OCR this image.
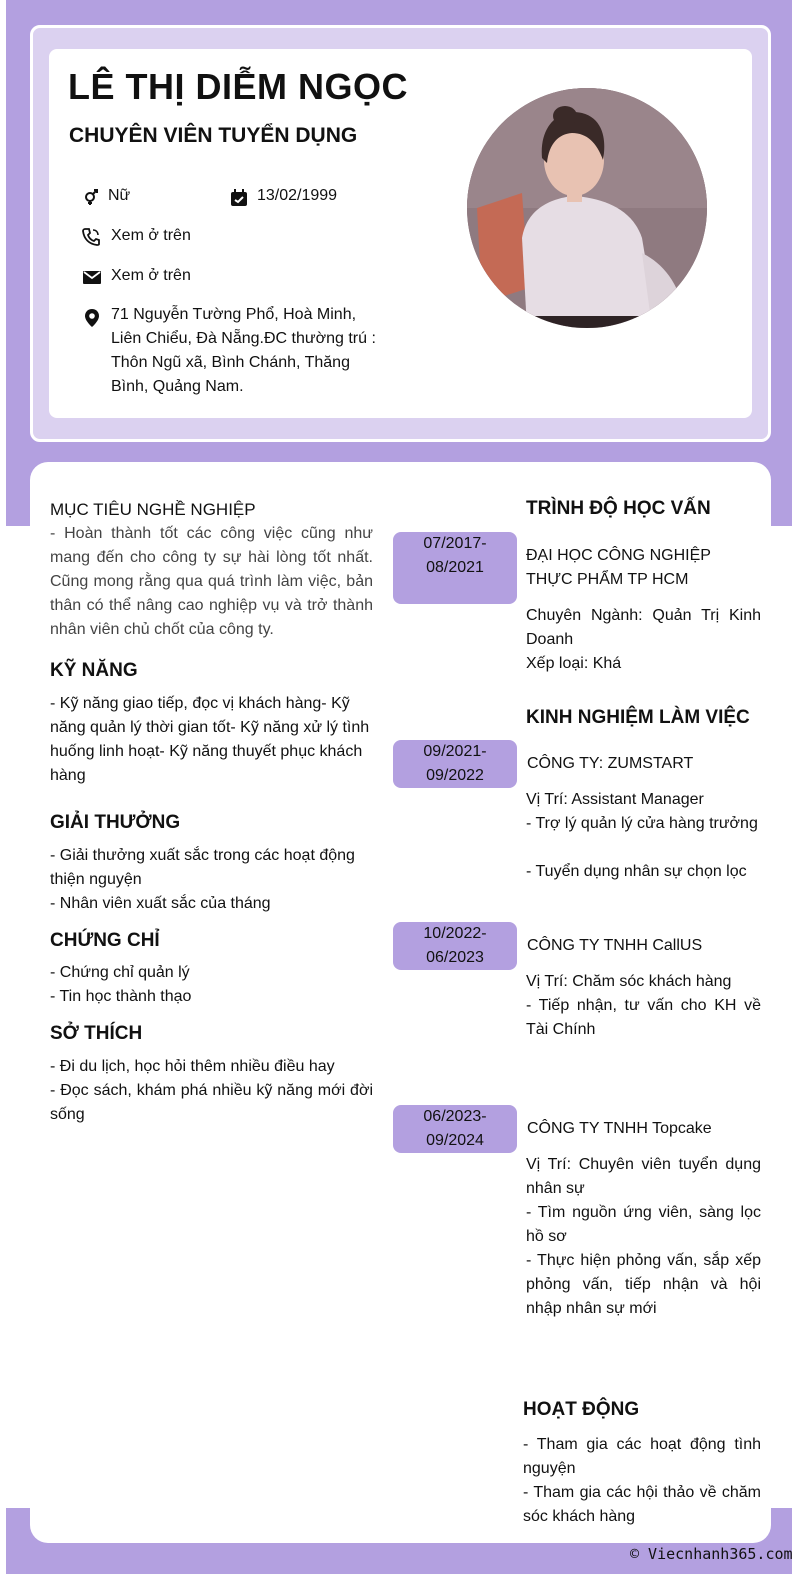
LÊ THỊ DIỄM NGỌC
CHUYÊN VIÊN TUYỂN DỤNG
Nữ	13/02/1999
Xem ở trên
Xem ở trên
71 Nguyễn Tường Phổ, Hoà Minh, Liên Chiểu, Đà Nẵng.ĐC thường trú : Thôn Ngũ xã, Bình Chánh, Thăng Bình, Quảng Nam.
MỤC TIÊU NGHỀ NGHIỆP
- Hoàn thành tốt các công việc cũng như mang đến cho công ty sự hài lòng tốt nhất. Cũng mong rằng qua quá trình làm việc, bản thân có thể nâng cao nghiệp vụ và trở thành nhân viên chủ chốt của công ty.
KỸ NĂNG
- Kỹ năng giao tiếp, đọc vị khách hàng- Kỹ năng quản lý thời gian tốt- Kỹ năng xử lý tình huống linh hoạt- Kỹ năng thuyết phục khách hàng
GIẢI THƯỞNG
- Giải thưởng xuất sắc trong các hoạt động thiện nguyện
- Nhân viên xuất sắc của tháng
CHỨNG CHỈ
- Chứng chỉ quản lý
- Tin học thành thạo
SỞ THÍCH
- Đi du lịch, học hỏi thêm nhiều điều hay
- Đọc sách, khám phá nhiều kỹ năng mới đời sống
TRÌNH ĐỘ HỌC VẤN
07/2017-
08/2021
ĐẠI HỌC CÔNG NGHIỆP THỰC PHẨM TP HCM
Chuyên Ngành: Quản Trị Kinh Doanh
Xếp loại: Khá
KINH NGHIỆM LÀM VIỆC
09/2021-
09/2022
CÔNG TY: ZUMSTART
Vị Trí: Assistant Manager
- Trợ lý quản lý cửa hàng trưởng
- Tuyển dụng nhân sự chọn lọc
10/2022-
06/2023
CÔNG TY TNHH CallUS
Vị Trí: Chăm sóc khách hàng
- Tiếp nhận, tư vấn cho KH về Tài Chính
06/2023-
09/2024
CÔNG TY TNHH Topcake
Vị Trí: Chuyên viên tuyển dụng nhân sự
- Tìm nguồn ứng viên, sàng lọc hồ sơ
- Thực hiện phỏng vấn, sắp xếp phỏng vấn, tiếp nhận và hội nhập nhân sự mới
HOẠT ĐỘNG
- Tham gia các hoạt động tình nguyện
- Tham gia các hội thảo về chăm sóc khách hàng
© Viecnhanh365.com
